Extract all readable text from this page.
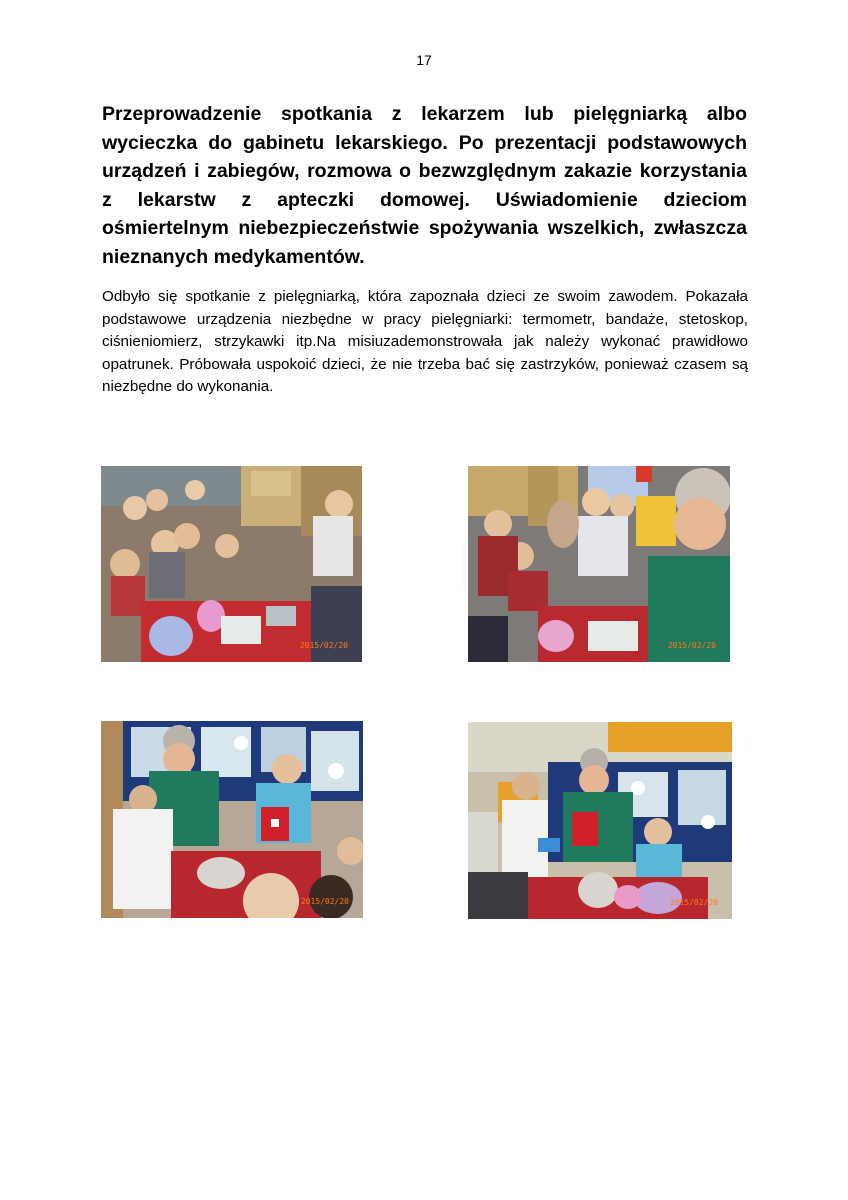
17

Przeprowadzenie spotkania z lekarzem lub pielęgniarką albo wycieczka do gabinetu lekarskiego. Po prezentacji podstawowych urządzeń i zabiegów, rozmowa o bezwzględnym zakazie korzystania z lekarstw z apteczki domowej. Uświadomienie dzieciom ośmiertelnym niebezpieczeństwie spożywania wszelkich, zwłaszcza nieznanych medykamentów.

Odbyło się spotkanie z pielęgniarką, która zapoznała dzieci ze swoim zawodem. Pokazała podstawowe urządzenia niezbędne w pracy pielęgniarki: termometr, bandaże, stetoskop, ciśnieniomierz, strzykawki itp.Na misiuzademonstrowała jak należy wykonać prawidłowo opatrunek. Próbowała uspokoić dzieci, że nie trzeba bać się zastrzyków, ponieważ czasem są niezbędne do wykonania.

2015/02/20	2015/02/20
2015/02/20	2015/02/20
